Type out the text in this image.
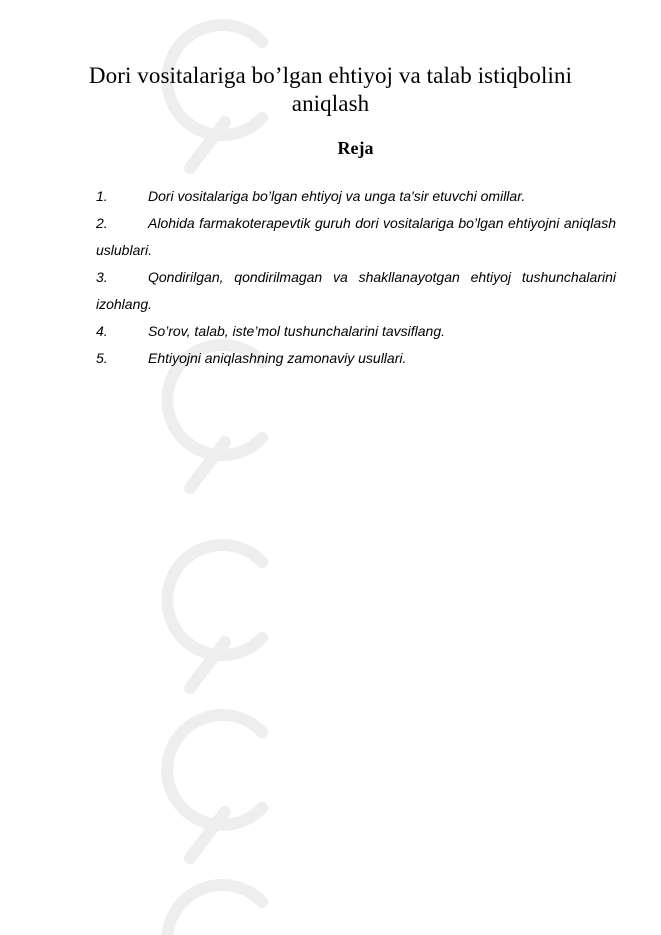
Dori vositalariga bo’lgan ehtiyoj va talab istiqbolini aniqlash
Reja
1.	Dori vositalariga bo’lgan ehtiyoj va unga ta'sir etuvchi omillar.
2.	Alohida farmakoterapevtik guruh dori vositalariga bo’lgan ehtiyojni aniqlash uslublari.
3.	Qondirilgan, qondirilmagan va shakllanayotgan ehtiyoj tushunchalarini izohlang.
4.	So’rov, talab, iste’mol tushunchalarini tavsiflang.
5.	Ehtiyojni aniqlashning zamonaviy usullari.
